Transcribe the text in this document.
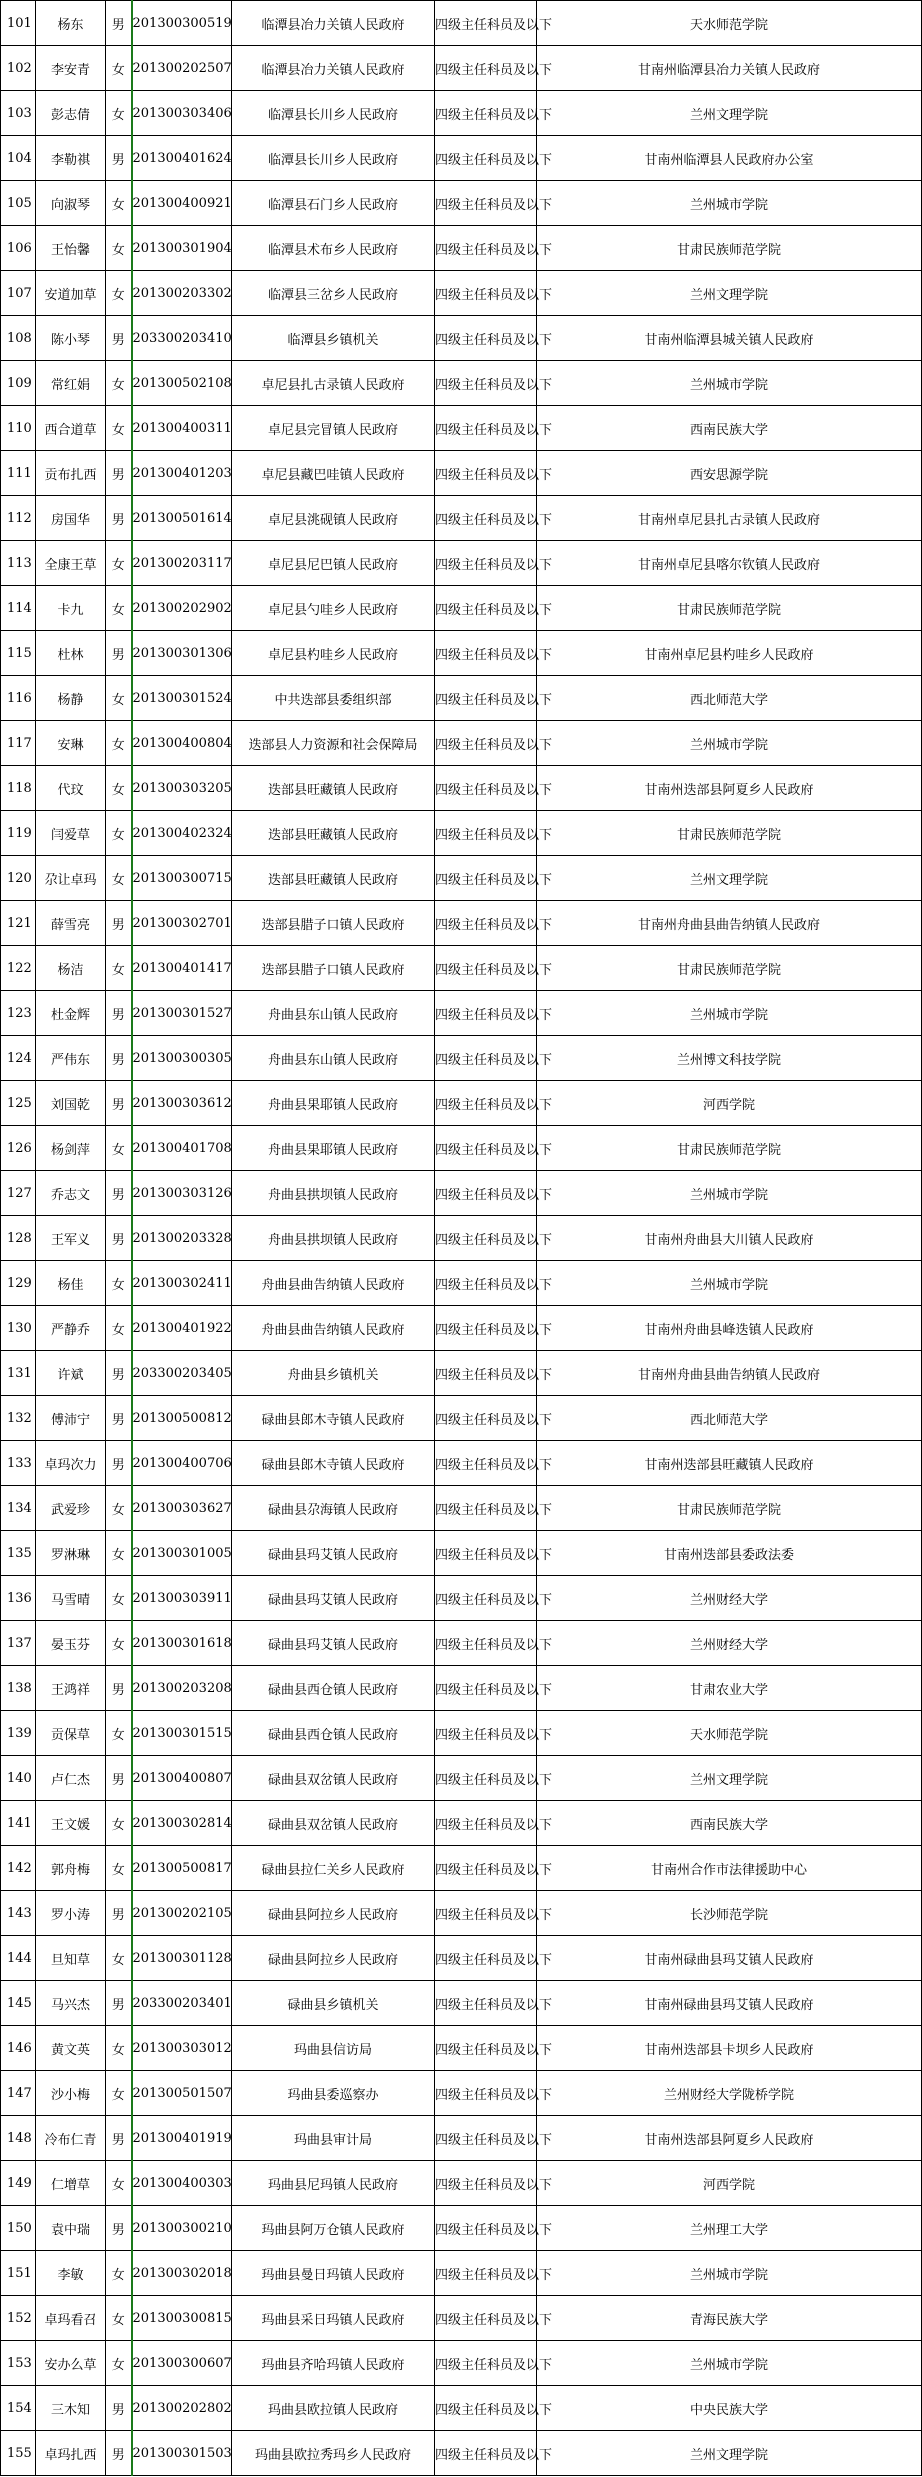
101	杨东	男	201300300519	临潭县冶力关镇人民政府	四级主任科员及以下	天水师范学院
102	李安青	女	201300202507	临潭县冶力关镇人民政府	四级主任科员及以下	甘南州临潭县冶力关镇人民政府
103	彭志倩	女	201300303406	临潭县长川乡人民政府	四级主任科员及以下	兰州文理学院
104	李勒祺	男	201300401624	临潭县长川乡人民政府	四级主任科员及以下	甘南州临潭县人民政府办公室
105	向淑琴	女	201300400921	临潭县石门乡人民政府	四级主任科员及以下	兰州城市学院
106	王怡馨	女	201300301904	临潭县术布乡人民政府	四级主任科员及以下	甘肃民族师范学院
107	安道加草	女	201300203302	临潭县三岔乡人民政府	四级主任科员及以下	兰州文理学院
108	陈小琴	男	203300203410	临潭县乡镇机关	四级主任科员及以下	甘南州临潭县城关镇人民政府
109	常红娟	女	201300502108	卓尼县扎古录镇人民政府	四级主任科员及以下	兰州城市学院
110	西合道草	女	201300400311	卓尼县完冒镇人民政府	四级主任科员及以下	西南民族大学
111	贡布扎西	男	201300401203	卓尼县藏巴哇镇人民政府	四级主任科员及以下	西安思源学院
112	房国华	男	201300501614	卓尼县洮砚镇人民政府	四级主任科员及以下	甘南州卓尼县扎古录镇人民政府
113	全康王草	女	201300203117	卓尼县尼巴镇人民政府	四级主任科员及以下	甘南州卓尼县喀尔钦镇人民政府
114	卡九	女	201300202902	卓尼县勺哇乡人民政府	四级主任科员及以下	甘肃民族师范学院
115	杜林	男	201300301306	卓尼县杓哇乡人民政府	四级主任科员及以下	甘南州卓尼县杓哇乡人民政府
116	杨静	女	201300301524	中共迭部县委组织部	四级主任科员及以下	西北师范大学
117	安琳	女	201300400804	迭部县人力资源和社会保障局	四级主任科员及以下	兰州城市学院
118	代玟	女	201300303205	迭部县旺藏镇人民政府	四级主任科员及以下	甘南州迭部县阿夏乡人民政府
119	闫爱草	女	201300402324	迭部县旺藏镇人民政府	四级主任科员及以下	甘肃民族师范学院
120	尕让卓玛	女	201300300715	迭部县旺藏镇人民政府	四级主任科员及以下	兰州文理学院
121	薛雪亮	男	201300302701	迭部县腊子口镇人民政府	四级主任科员及以下	甘南州舟曲县曲告纳镇人民政府
122	杨洁	女	201300401417	迭部县腊子口镇人民政府	四级主任科员及以下	甘肃民族师范学院
123	杜金辉	男	201300301527	舟曲县东山镇人民政府	四级主任科员及以下	兰州城市学院
124	严伟东	男	201300300305	舟曲县东山镇人民政府	四级主任科员及以下	兰州博文科技学院
125	刘国乾	男	201300303612	舟曲县果耶镇人民政府	四级主任科员及以下	河西学院
126	杨剑萍	女	201300401708	舟曲县果耶镇人民政府	四级主任科员及以下	甘肃民族师范学院
127	乔志文	男	201300303126	舟曲县拱坝镇人民政府	四级主任科员及以下	兰州城市学院
128	王军义	男	201300203328	舟曲县拱坝镇人民政府	四级主任科员及以下	甘南州舟曲县大川镇人民政府
129	杨佳	女	201300302411	舟曲县曲告纳镇人民政府	四级主任科员及以下	兰州城市学院
130	严静乔	女	201300401922	舟曲县曲告纳镇人民政府	四级主任科员及以下	甘南州舟曲县峰迭镇人民政府
131	许斌	男	203300203405	舟曲县乡镇机关	四级主任科员及以下	甘南州舟曲县曲告纳镇人民政府
132	傅沛宁	男	201300500812	碌曲县郎木寺镇人民政府	四级主任科员及以下	西北师范大学
133	卓玛次力	男	201300400706	碌曲县郎木寺镇人民政府	四级主任科员及以下	甘南州迭部县旺藏镇人民政府
134	武爱珍	女	201300303627	碌曲县尕海镇人民政府	四级主任科员及以下	甘肃民族师范学院
135	罗淋琳	女	201300301005	碌曲县玛艾镇人民政府	四级主任科员及以下	甘南州迭部县委政法委
136	马雪晴	女	201300303911	碌曲县玛艾镇人民政府	四级主任科员及以下	兰州财经大学
137	晏玉芬	女	201300301618	碌曲县玛艾镇人民政府	四级主任科员及以下	兰州财经大学
138	王鸿祥	男	201300203208	碌曲县西仓镇人民政府	四级主任科员及以下	甘肃农业大学
139	贡保草	女	201300301515	碌曲县西仓镇人民政府	四级主任科员及以下	天水师范学院
140	卢仁杰	男	201300400807	碌曲县双岔镇人民政府	四级主任科员及以下	兰州文理学院
141	王文媛	女	201300302814	碌曲县双岔镇人民政府	四级主任科员及以下	西南民族大学
142	郭舟梅	女	201300500817	碌曲县拉仁关乡人民政府	四级主任科员及以下	甘南州合作市法律援助中心
143	罗小涛	男	201300202105	碌曲县阿拉乡人民政府	四级主任科员及以下	长沙师范学院
144	旦知草	女	201300301128	碌曲县阿拉乡人民政府	四级主任科员及以下	甘南州碌曲县玛艾镇人民政府
145	马兴杰	男	203300203401	碌曲县乡镇机关	四级主任科员及以下	甘南州碌曲县玛艾镇人民政府
146	黄文英	女	201300303012	玛曲县信访局	四级主任科员及以下	甘南州迭部县卡坝乡人民政府
147	沙小梅	女	201300501507	玛曲县委巡察办	四级主任科员及以下	兰州财经大学陇桥学院
148	冷布仁青	男	201300401919	玛曲县审计局	四级主任科员及以下	甘南州迭部县阿夏乡人民政府
149	仁增草	女	201300400303	玛曲县尼玛镇人民政府	四级主任科员及以下	河西学院
150	袁中瑞	男	201300300210	玛曲县阿万仓镇人民政府	四级主任科员及以下	兰州理工大学
151	李敏	女	201300302018	玛曲县曼日玛镇人民政府	四级主任科员及以下	兰州城市学院
152	卓玛看召	女	201300300815	玛曲县采日玛镇人民政府	四级主任科员及以下	青海民族大学
153	安办么草	女	201300300607	玛曲县齐哈玛镇人民政府	四级主任科员及以下	兰州城市学院
154	三木知	男	201300202802	玛曲县欧拉镇人民政府	四级主任科员及以下	中央民族大学
155	卓玛扎西	男	201300301503	玛曲县欧拉秀玛乡人民政府	四级主任科员及以下	兰州文理学院
